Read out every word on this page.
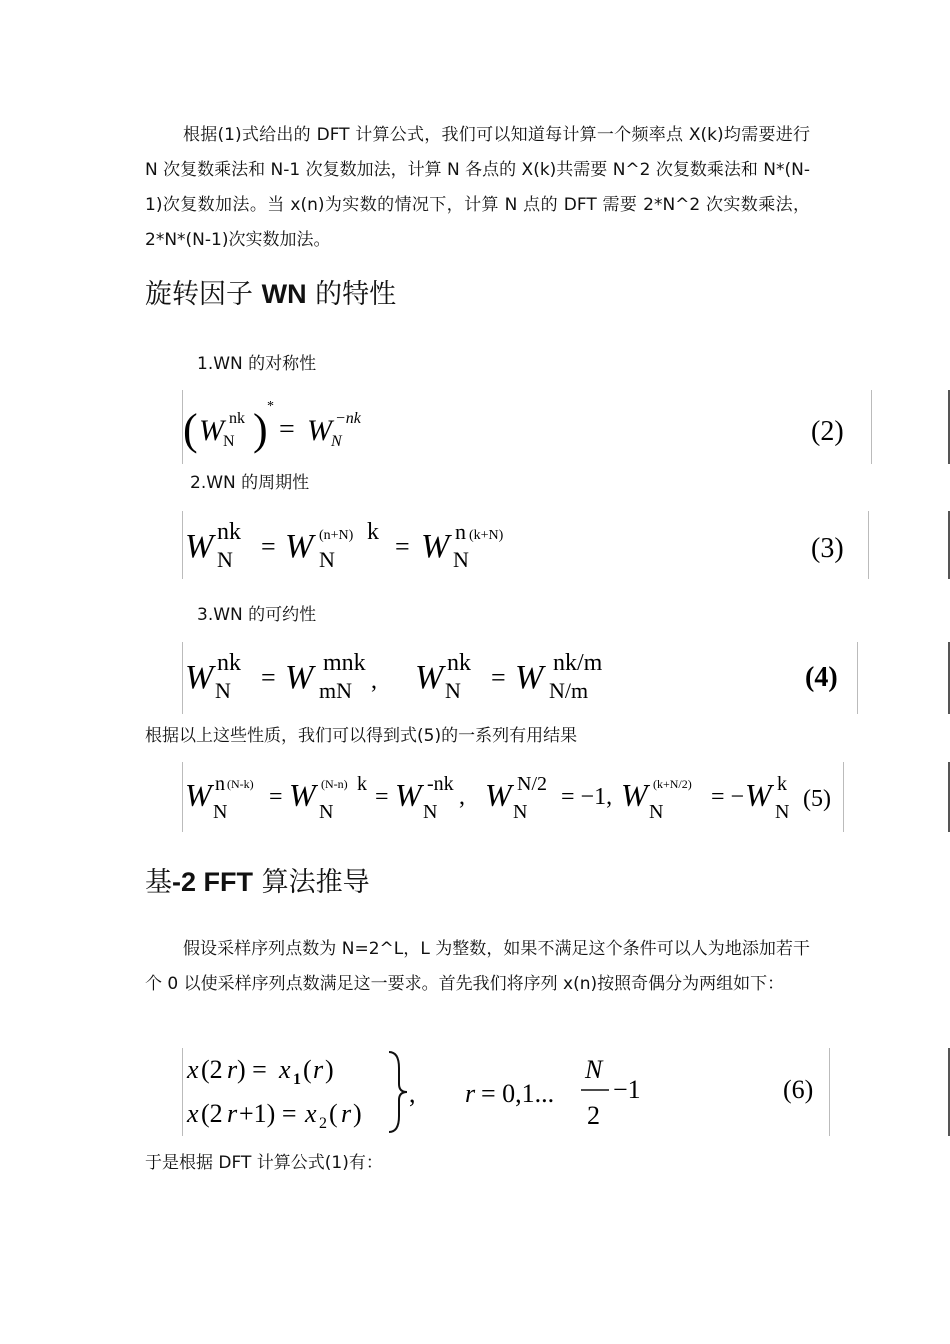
根据(1)式给出的 DFT 计算公式，我们可以知道每计算一个频率点 X(k)均需要进行 N 次复数乘法和 N-1 次复数加法，计算 N 各点的 X(k)共需要 N^2 次复数乘法和 N*(N-1)次复数加法。当 x(n)为实数的情况下，计算 N 点的 DFT 需要 2*N^2 次实数乘法，2*N*(N-1)次实数加法。
旋转因子 WN 的特性
1.WN 的对称性
( W nk
N ) *
= W −nk
N	(2)
2.WN 的周期性
W nk
N = W (n+N) k
N = W n (k+N)
N	(3)
3.WN 的可约性
W nk
N = W mnk
mN , W nk
N = W nk/m
N/m	(4)
根据以上这些性质，我们可以得到式(5)的一系列有用结果
W n (N-k)
N
= W (N-n) k
N
= W -nk
N
, W N/2
N
= −1, W (k+N/2)
N
= − W k
N (5)
基-2 FFT 算法推导
假设采样序列点数为 N=2^L，L 为整数，如果不满足这个条件可以人为地添加若干个 0 以使采样序列点数满足这一要求。首先我们将序列 x(n)按照奇偶分为两组如下：
x (2 r ) = x 1 ( r )
x (2 r +1) = x 2 ( r )
, r = 0,1...
N
2
−1	(6)
于是根据 DFT 计算公式(1)有：
